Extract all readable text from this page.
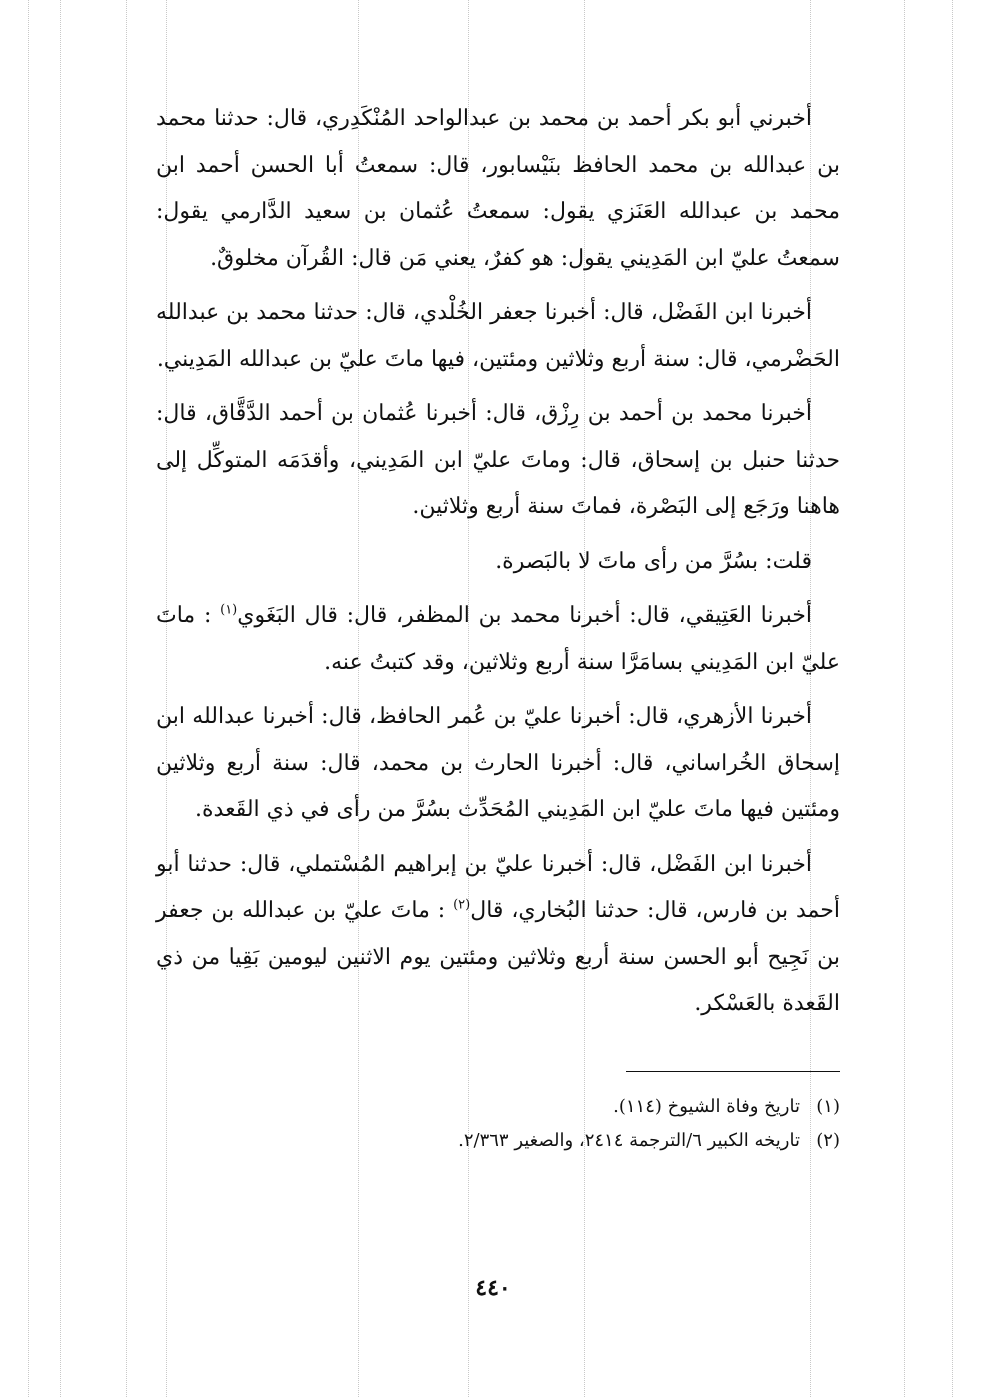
أخبرني أبو بكر أحمد بن محمد بن عبدالواحد المُنْكَدِري، قال: حدثنا محمد بن عبدالله بن محمد الحافظ بنَيْسابور، قال: سمعتُ أبا الحسن أحمد ابن محمد بن عبدالله العَنَزي يقول: سمعتُ عُثمان بن سعيد الدَّارمي يقول: سمعتُ عليّ ابن المَدِيني يقول: هو كفرٌ، يعني مَن قال: القُرآن مخلوقٌ.

أخبرنا ابن الفَضْل، قال: أخبرنا جعفر الخُلْدي، قال: حدثنا محمد بن عبدالله الحَضْرمي، قال: سنة أربع وثلاثين ومئتين، فيها ماتَ عليّ بن عبدالله المَدِيني.

أخبرنا محمد بن أحمد بن رِزْق، قال: أخبرنا عُثمان بن أحمد الدَّقَّاق، قال: حدثنا حنبل بن إسحاق، قال: وماتَ عليّ ابن المَدِيني، وأقدَمَه المتوكِّل إلى هاهنا ورَجَع إلى البَصْرة، فماتَ سنة أربع وثلاثين.

قلت: بسُرَّ من رأى ماتَ لا بالبَصرة.

أخبرنا العَتِيقي، قال: أخبرنا محمد بن المظفر، قال: قال البَغَوي$^{(١)}$ : ماتَ عليّ ابن المَدِيني بسامَرَّا سنة أربع وثلاثين، وقد كتبتُ عنه.

أخبرنا الأزهري، قال: أخبرنا عليّ بن عُمر الحافظ، قال: أخبرنا عبدالله ابن إسحاق الخُراساني، قال: أخبرنا الحارث بن محمد، قال: سنة أربع وثلاثين ومئتين فيها ماتَ عليّ ابن المَدِيني المُحَدِّث بسُرَّ من رأى في ذي القَعدة.

أخبرنا ابن الفَضْل، قال: أخبرنا عليّ بن إبراهيم المُسْتملي، قال: حدثنا أبو أحمد بن فارس، قال: حدثنا البُخاري، قال$^{(٢)}$ : ماتَ عليّ بن عبدالله بن جعفر بن نَجِيح أبو الحسن سنة أربع وثلاثين ومئتين يوم الاثنين ليومين بَقِيا من ذي القَعدة بالعَسْكر.

(١)تاريخ وفاة الشيوخ (١١٤).
(٢)تاريخه الكبير ٦/الترجمة ٢٤١٤، والصغير ٢/٣٦٣.
٤٤٠
